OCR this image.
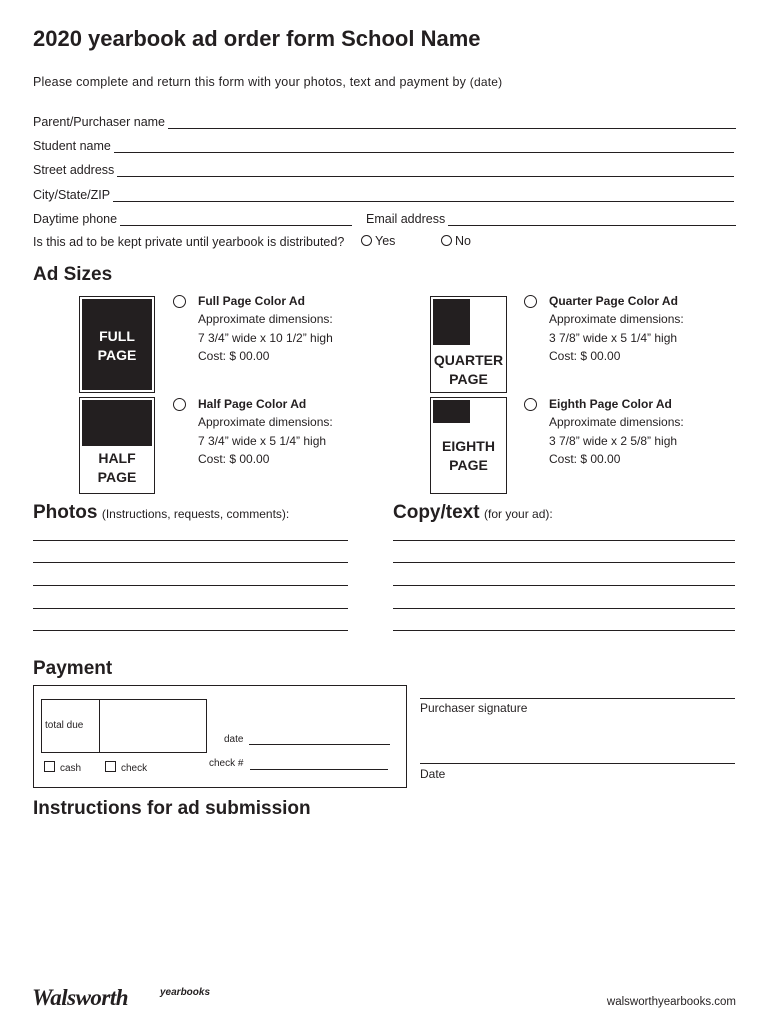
2020 yearbook ad order form School Name
Please complete and return this form with your photos, text and payment by (date)
Parent/Purchaser name
Student name
Street address
City/State/ZIP
Daytime phone	Email address
Is this ad to be kept private until yearbook is distributed?	Yes	No
Ad Sizes
FULL
PAGE
HALF
PAGE
QUARTER
PAGE
EIGHTH
PAGE
Full Page Color Ad
Approximate dimensions:
7 3/4” wide x 10 1/2” high
Cost: $ 00.00
Quarter Page Color Ad
Approximate dimensions:
3 7/8” wide x 5 1/4” high
Cost: $ 00.00
Half Page Color Ad
Approximate dimensions:
7 3/4” wide x 5 1/4” high
Cost: $ 00.00
Eighth Page Color Ad
Approximate dimensions:
3 7/8” wide x 2 5/8” high
Cost: $ 00.00
Photos (Instructions, requests, comments):	Copy/text (for your ad):
Payment
total due
date
check #
cash	check
Purchaser signature
Date
Instructions for ad submission
Walsworth	yearbooks
walsworthyearbooks.com
